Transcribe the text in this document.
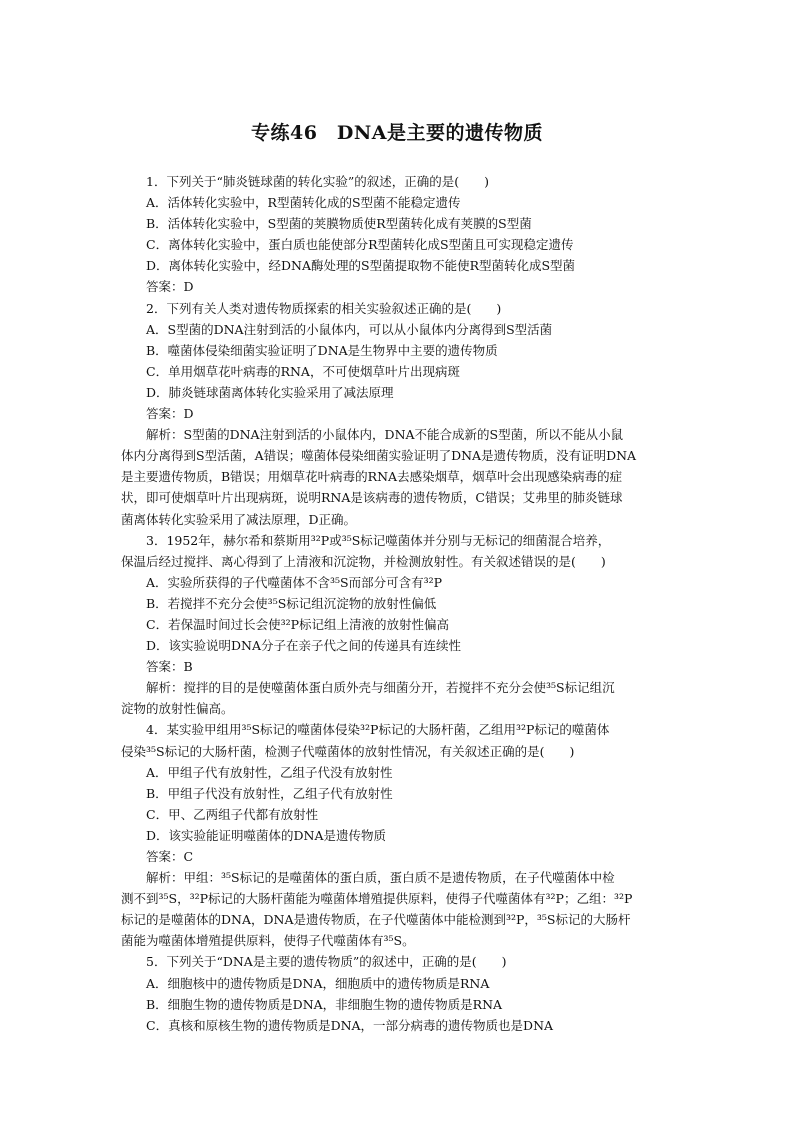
专练46　DNA是主要的遗传物质

1．下列关于“肺炎链球菌的转化实验”的叙述，正确的是(　　)

A．活体转化实验中，R型菌转化成的S型菌不能稳定遗传

B．活体转化实验中，S型菌的荚膜物质使R型菌转化成有荚膜的S型菌

C．离体转化实验中，蛋白质也能使部分R型菌转化成S型菌且可实现稳定遗传

D．离体转化实验中，经DNA酶处理的S型菌提取物不能使R型菌转化成S型菌

答案：D

2．下列有关人类对遗传物质探索的相关实验叙述正确的是(　　)

A．S型菌的DNA注射到活的小鼠体内，可以从小鼠体内分离得到S型活菌

B．噬菌体侵染细菌实验证明了DNA是生物界中主要的遗传物质

C．单用烟草花叶病毒的RNA，不可使烟草叶片出现病斑

D．肺炎链球菌离体转化实验采用了减法原理

答案：D

解析：S型菌的DNA注射到活的小鼠体内，DNA不能合成新的S型菌，所以不能从小鼠

体内分离得到S型活菌，A错误；噬菌体侵染细菌实验证明了DNA是遗传物质，没有证明DNA

是主要遗传物质，B错误；用烟草花叶病毒的RNA去感染烟草，烟草叶会出现感染病毒的症

状，即可使烟草叶片出现病斑，说明RNA是该病毒的遗传物质，C错误；艾弗里的肺炎链球

菌离体转化实验采用了减法原理，D正确。

3．1952年，赫尔希和蔡斯用³²P或³⁵S标记噬菌体并分别与无标记的细菌混合培养，

保温后经过搅拌、离心得到了上清液和沉淀物，并检测放射性。有关叙述错误的是(　　)

A．实验所获得的子代噬菌体不含³⁵S而部分可含有³²P

B．若搅拌不充分会使³⁵S标记组沉淀物的放射性偏低

C．若保温时间过长会使³²P标记组上清液的放射性偏高

D．该实验说明DNA分子在亲子代之间的传递具有连续性

答案：B

解析：搅拌的目的是使噬菌体蛋白质外壳与细菌分开，若搅拌不充分会使³⁵S标记组沉

淀物的放射性偏高。

4．某实验甲组用³⁵S标记的噬菌体侵染³²P标记的大肠杆菌，乙组用³²P标记的噬菌体

侵染³⁵S标记的大肠杆菌，检测子代噬菌体的放射性情况，有关叙述正确的是(　　)

A．甲组子代有放射性，乙组子代没有放射性

B．甲组子代没有放射性，乙组子代有放射性

C．甲、乙两组子代都有放射性

D．该实验能证明噬菌体的DNA是遗传物质

答案：C

解析：甲组：³⁵S标记的是噬菌体的蛋白质，蛋白质不是遗传物质，在子代噬菌体中检

测不到³⁵S，³²P标记的大肠杆菌能为噬菌体增殖提供原料，使得子代噬菌体有³²P；乙组：³²P

标记的是噬菌体的DNA，DNA是遗传物质，在子代噬菌体中能检测到³²P，³⁵S标记的大肠杆

菌能为噬菌体增殖提供原料，使得子代噬菌体有³⁵S。

5．下列关于“DNA是主要的遗传物质”的叙述中，正确的是(　　)

A．细胞核中的遗传物质是DNA，细胞质中的遗传物质是RNA

B．细胞生物的遗传物质是DNA，非细胞生物的遗传物质是RNA

C．真核和原核生物的遗传物质是DNA，一部分病毒的遗传物质也是DNA
